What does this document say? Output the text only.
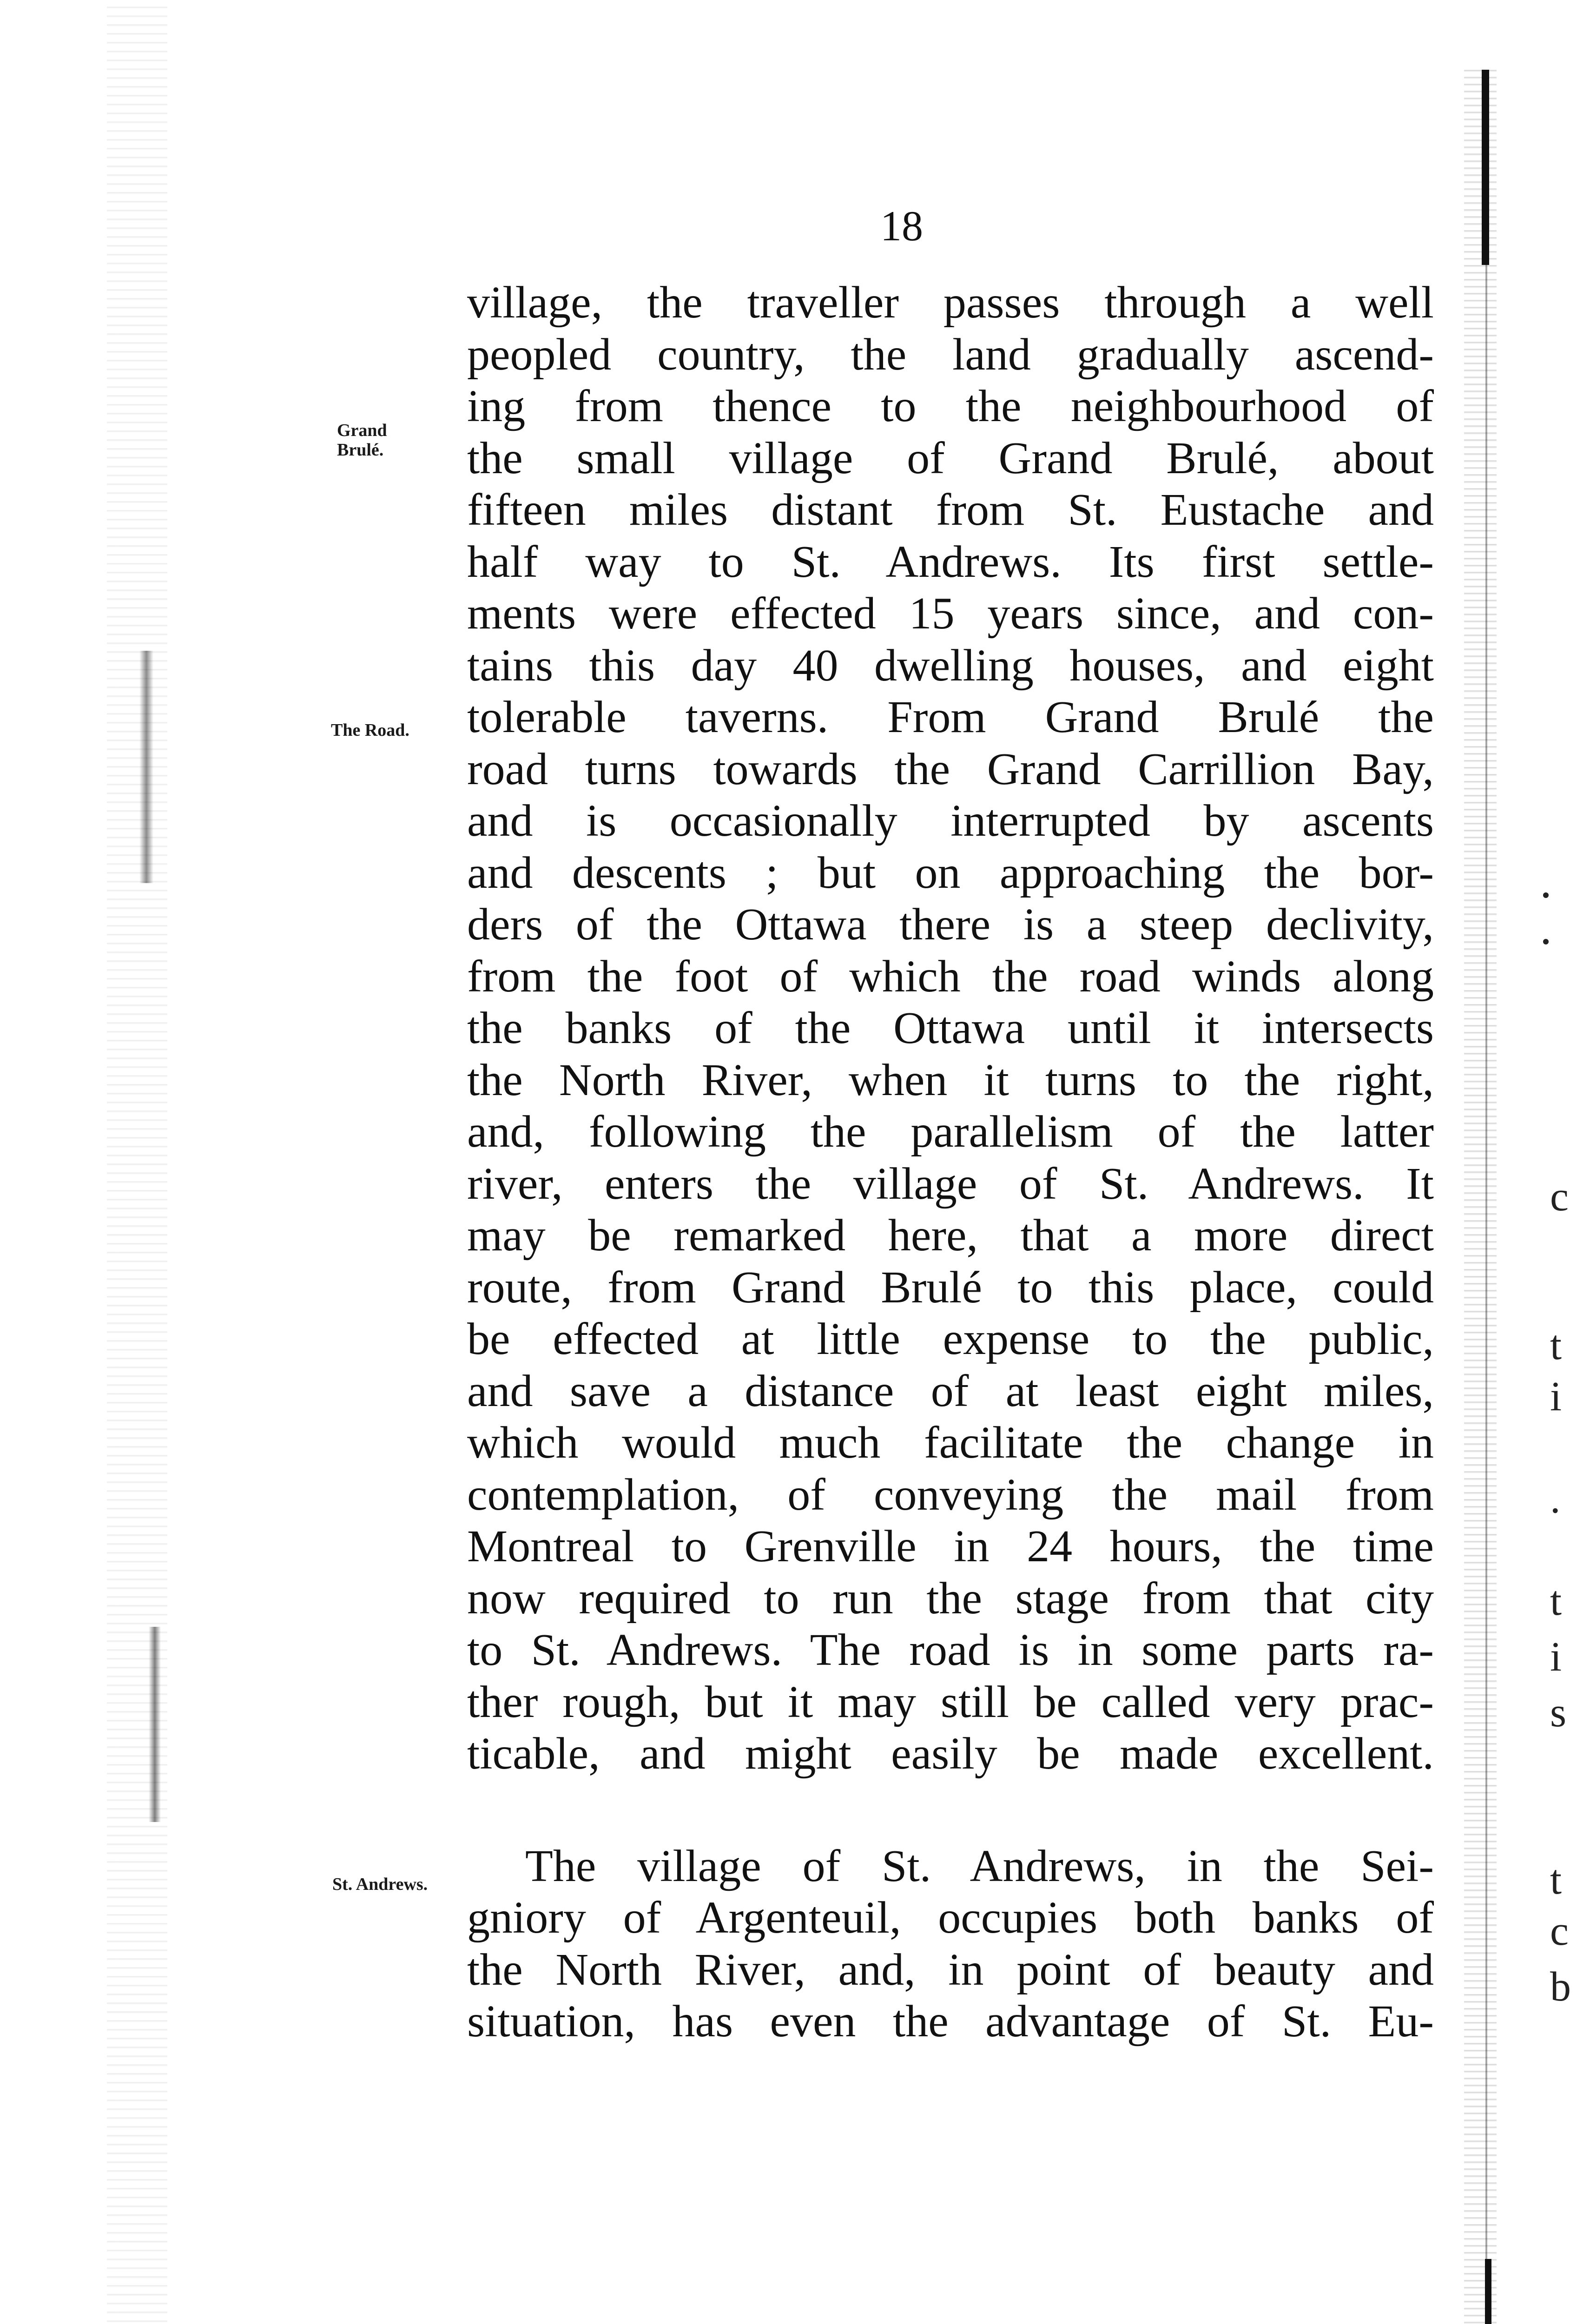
18
Grand Brulé.
The Road.
St. Andrews.
village, the traveller passes through a well
peopled country, the land gradually ascend-
ing from thence to the neighbourhood of
the small village of Grand Brulé, about
fifteen miles distant from St. Eustache and
half way to St. Andrews. Its first settle-
ments were effected 15 years since, and con-
tains this day 40 dwelling houses, and eight
tolerable taverns. From Grand Brulé the
road turns towards the Grand Carrillion Bay,
and is occasionally interrupted by ascents
and descents ; but on approaching the bor-
ders of the Ottawa there is a steep declivity,
from the foot of which the road winds along
the banks of the Ottawa until it intersects
the North River, when it turns to the right,
and, following the parallelism of the latter
river, enters the village of St. Andrews. It
may be remarked here, that a more direct
route, from Grand Brulé to this place, could
be effected at little expense to the public,
and save a distance of at least eight miles,
which would much facilitate the change in
contemplation, of conveying the mail from
Montreal to Grenville in 24 hours, the time
now required to run the stage from that city
to St. Andrews. The road is in some parts ra-
ther rough, but it may still be called very prac-
ticable, and might easily be made excellent.
The village of St. Andrews, in the Sei-
gniory of Argenteuil, occupies both banks of
the North River, and, in point of beauty and
situation, has even the advantage of St. Eu-
c
t
i
.
t
i
s
t
c
b
